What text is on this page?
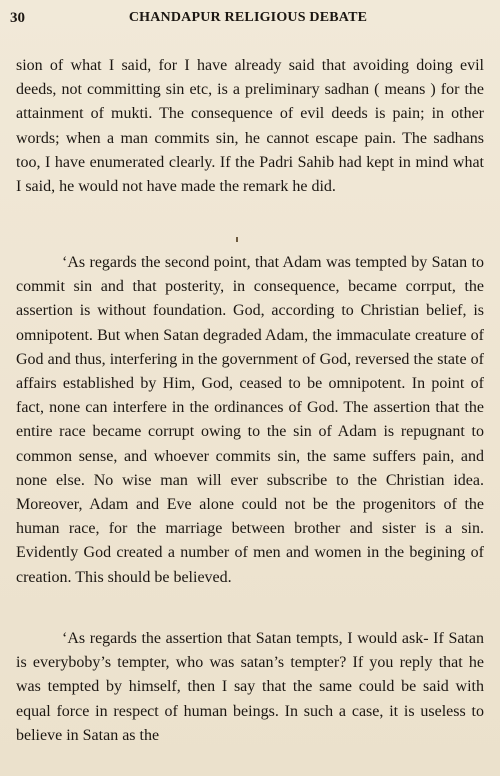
30	CHANDAPUR RELIGIOUS DEBATE

sion of what I said, for I have already said that avoiding doing evil deeds, not committing sin etc, is a preliminary sadhan ( means ) for the attainment of mukti. The consequence of evil deeds is pain; in other words; when a man commits sin, he cannot escape pain. The sadhans too, I have enumerated clearly. If the Padri Sahib had kept in mind what I said, he would not have made the remark he did.

‘As regards the second point, that Adam was tempted by Satan to commit sin and that posterity, in consequence, became corrput, the assertion is without foundation. God, according to Christian belief, is omnipotent. But when Satan degraded Adam, the immaculate creature of God and thus, interfering in the government of God, reversed the state of affairs established by Him, God, ceased to be omnipotent. In point of fact, none can interfere in the ordinances of God. The assertion that the entire race became corrupt owing to the sin of Adam is repugnant to common sense, and whoever commits sin, the same suffers pain, and none else. No wise man will ever subscribe to the Christian idea. Moreover, Adam and Eve alone could not be the progenitors of the human race, for the marriage between brother and sister is a sin. Evidently God created a number of men and women in the begining of creation. This should be believed.

‘As regards the assertion that Satan tempts, I would ask- If Satan is everyboby’s tempter, who was satan’s tempter? If you reply that he was tempted by himself, then I say that the same could be said with equal force in respect of human beings. In such a case, it is useless to believe in Satan as the
